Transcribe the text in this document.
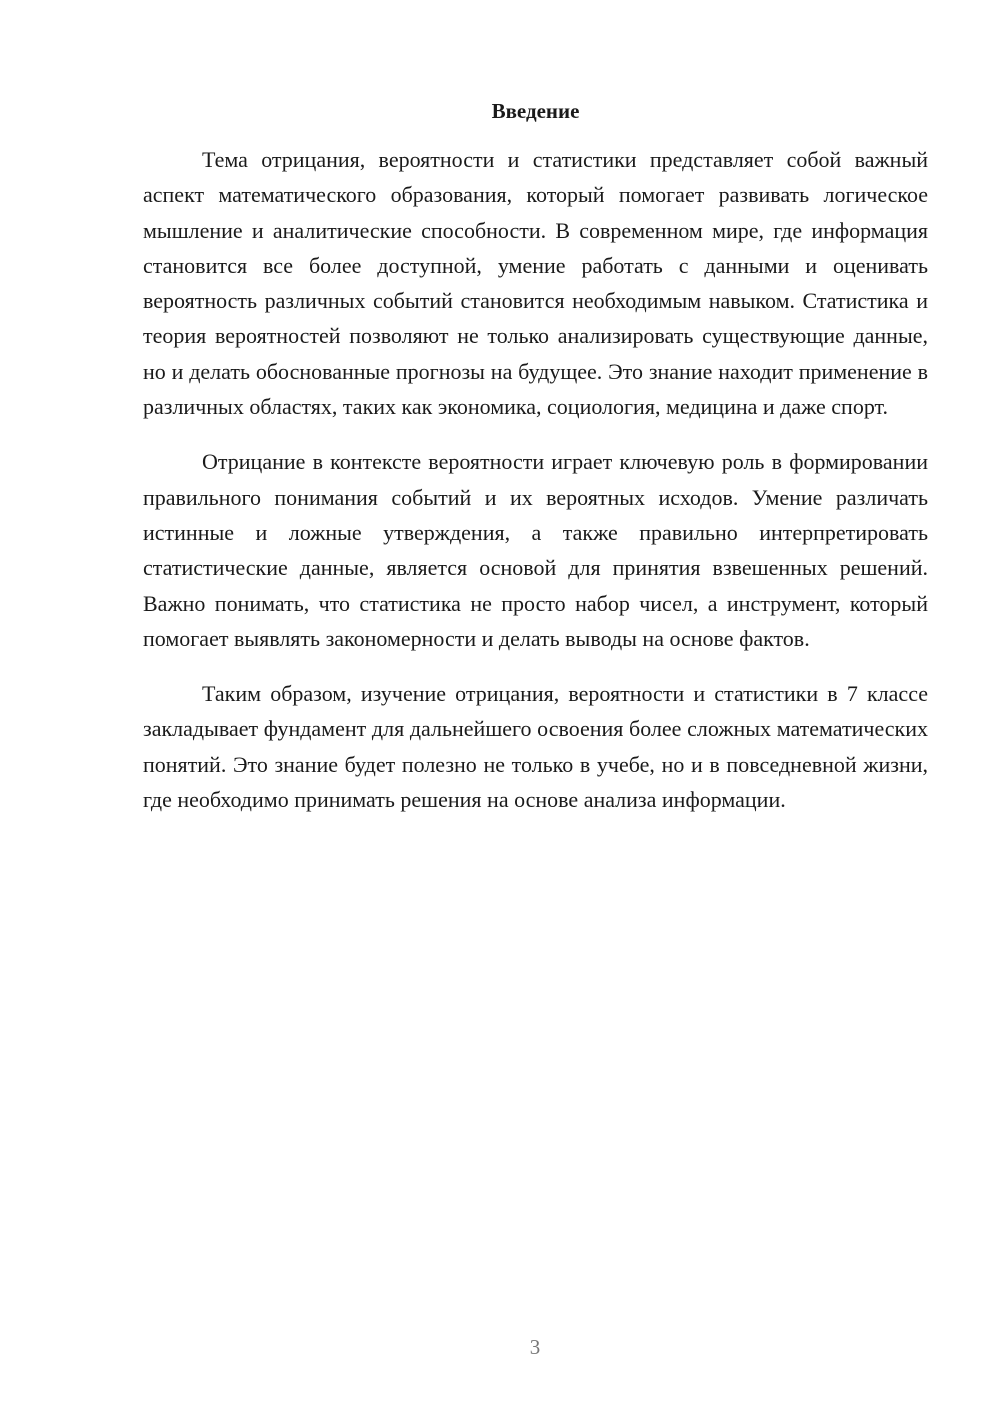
Введение

Тема отрицания, вероятности и статистики представляет собой важный аспект математического образования, который помогает развивать логическое мышление и аналитические способности. В современном мире, где информация становится все более доступной, умение работать с данными и оценивать вероятность различных событий становится необходимым навыком. Статистика и теория вероятностей позволяют не только анализировать существующие данные, но и делать обоснованные прогнозы на будущее. Это знание находит применение в различных областях, таких как экономика, социология, медицина и даже спорт.

Отрицание в контексте вероятности играет ключевую роль в формировании правильного понимания событий и их вероятных исходов. Умение различать истинные и ложные утверждения, а также правильно интерпретировать статистические данные, является основой для принятия взвешенных решений. Важно понимать, что статистика не просто набор чисел, а инструмент, который помогает выявлять закономерности и делать выводы на основе фактов.

Таким образом, изучение отрицания, вероятности и статистики в 7 классе закладывает фундамент для дальнейшего освоения более сложных математических понятий. Это знание будет полезно не только в учебе, но и в повседневной жизни, где необходимо принимать решения на основе анализа информации.

3
